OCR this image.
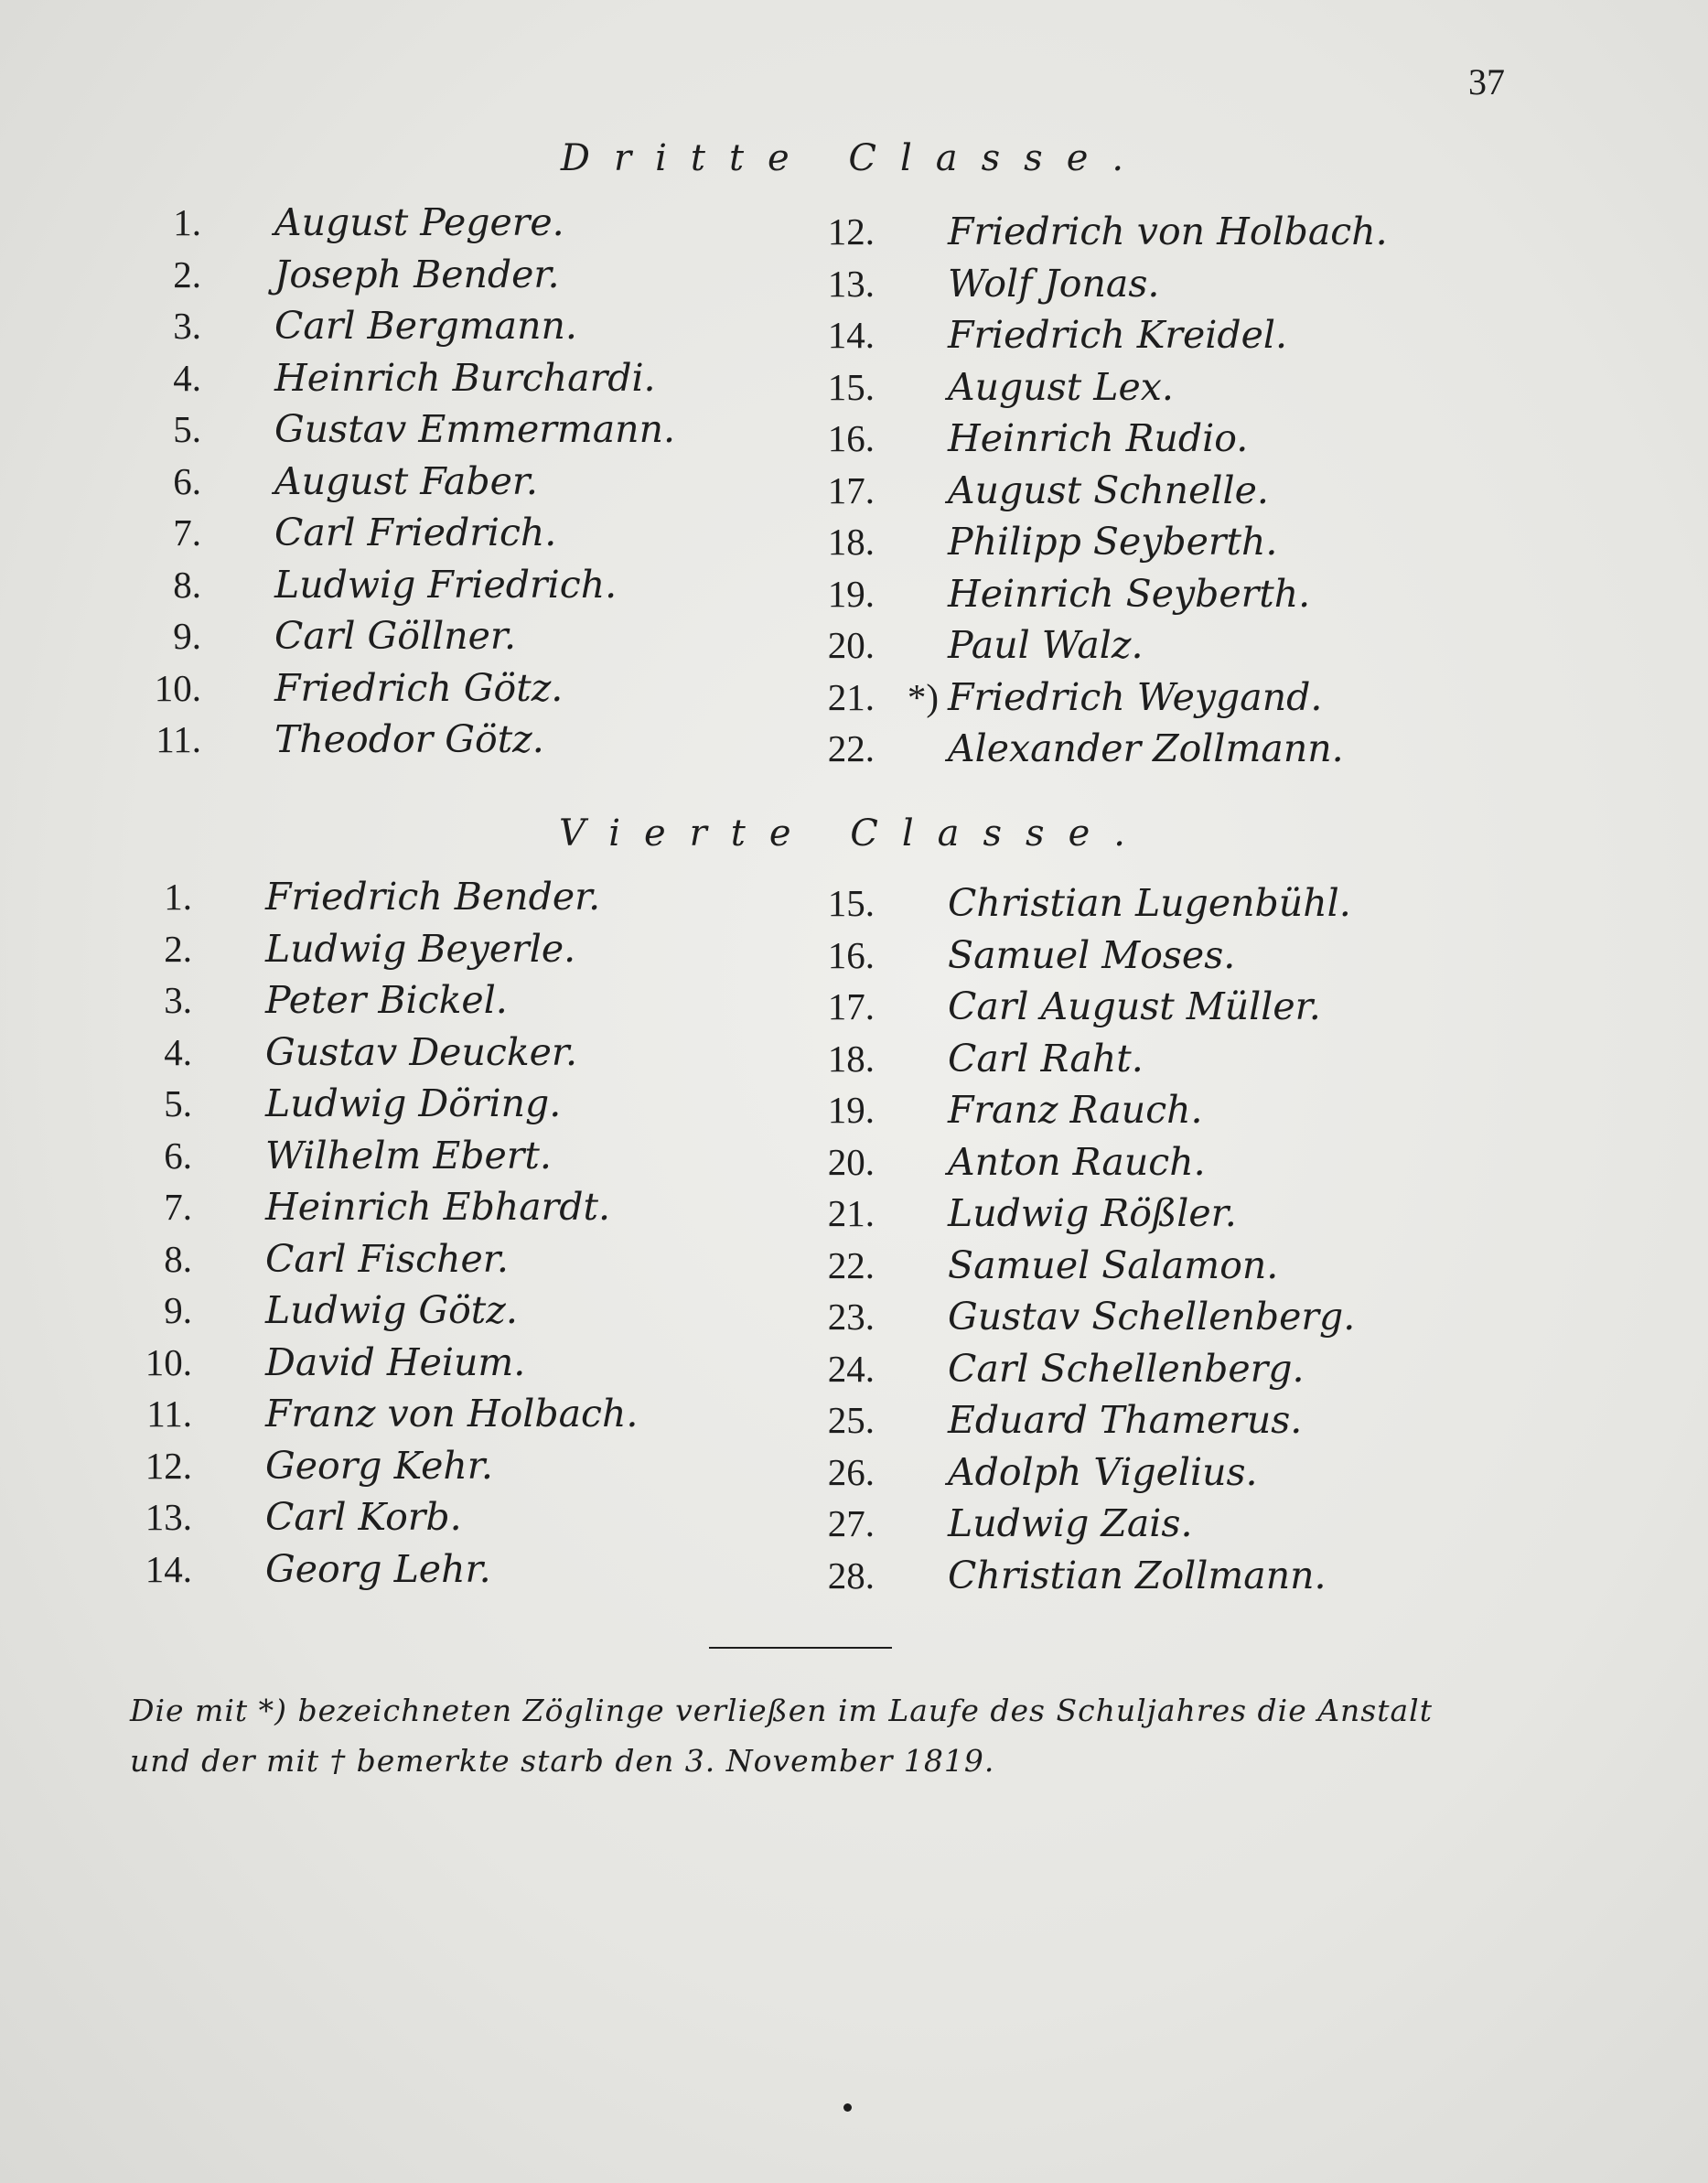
37
Dritte Classe.
1. August Pegere.
2. Joseph Bender.
3. Carl Bergmann.
4. Heinrich Burchardi.
5. Gustav Emmermann.
6. August Faber.
7. Carl Friedrich.
8. Ludwig Friedrich.
9. Carl Göllner.
10. Friedrich Götz.
11. Theodor Götz.
12. Friedrich von Holbach.
13. Wolf Jonas.
14. Friedrich Kreidel.
15. August Lex.
16. Heinrich Rudio.
17. August Schnelle.
18. Philipp Seyberth.
19. Heinrich Seyberth.
20. Paul Walz.
21. *) Friedrich Weygand.
22. Alexander Zollmann.
Vierte Classe.
1. Friedrich Bender.
2. Ludwig Beyerle.
3. Peter Bickel.
4. Gustav Deucker.
5. Ludwig Döring.
6. Wilhelm Ebert.
7. Heinrich Ebhardt.
8. Carl Fischer.
9. Ludwig Götz.
10. David Heium.
11. Franz von Holbach.
12. Georg Kehr.
13. Carl Korb.
14. Georg Lehr.
15. Christian Lugenbühl.
16. Samuel Moses.
17. Carl August Müller.
18. Carl Raht.
19. Franz Rauch.
20. Anton Rauch.
21. Ludwig Rößler.
22. Samuel Salamon.
23. Gustav Schellenberg.
24. Carl Schellenberg.
25. Eduard Thamerus.
26. Adolph Vigelius.
27. Ludwig Zais.
28. Christian Zollmann.
Die mit *) bezeichneten Zöglinge verließen im Laufe des Schuljahres die Anstalt
und der mit † bemerkte starb den 3. November 1819.
